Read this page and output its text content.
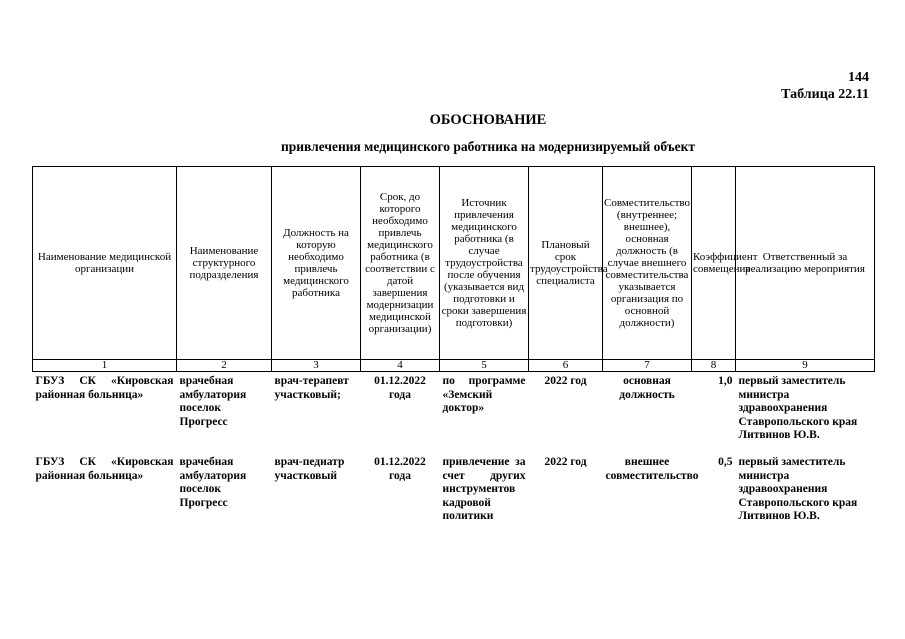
144
Таблица 22.11
ОБОСНОВАНИЕ
привлечения медицинского работника на модернизируемый объект
Наименование медицинской организации	Наименование структурного подразделения	Должность на которую необходимо привлечь медицинского работника	Срок, до которого необходимо привлечь медицинского работника (в соответствии с датой завершения модернизации медицинской организации)	Источник привлечения медицинского работника (в случае трудоустройства после обучения (указывается вид подготовки и сроки завершения подготовки)	Плановый срок трудоустройства специалиста	Совместительство (внутреннее; внешнее), основная должность (в случае внешнего совместительства указывается организация по основной должности)	Коэффициент совмещения	Ответственный за реализацию мероприятия
1	2	3	4	5	6	7	8	9
ГБУЗ СК «Кировская районная больница»	врачебная амбулатория поселок Прогресс	врач-терапевт участковый;	01.12.2022 года	по программе «Земский доктор»	2022 год	основная должность	1,0	первый заместитель министра здравоохранения Ставропольского края Литвинов Ю.В.
ГБУЗ СК «Кировская районная больница»	врачебная амбулатория поселок Прогресс	врач-педиатр участковый	01.12.2022 года	привлечение за счет других инструментов кадровой политики	2022 год	внешнее совместительство	0,5	первый заместитель министра здравоохранения Ставропольского края Литвинов Ю.В.
